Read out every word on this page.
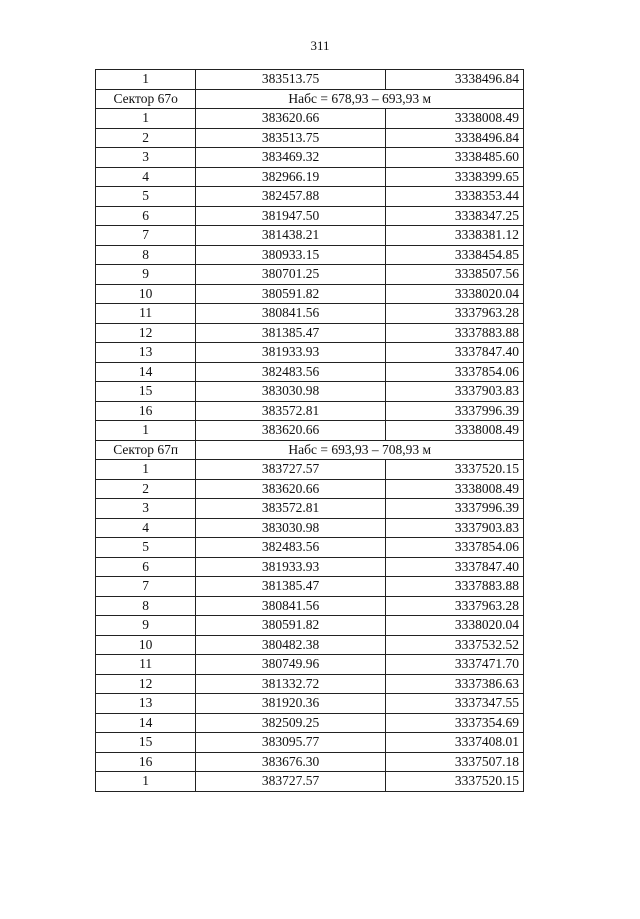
311
1	383513.75	3338496.84
Сектор 67о	Набс = 678,93 – 693,93 м	
1	383620.66	3338008.49
2	383513.75	3338496.84
3	383469.32	3338485.60
4	382966.19	3338399.65
5	382457.88	3338353.44
6	381947.50	3338347.25
7	381438.21	3338381.12
8	380933.15	3338454.85
9	380701.25	3338507.56
10	380591.82	3338020.04
11	380841.56	3337963.28
12	381385.47	3337883.88
13	381933.93	3337847.40
14	382483.56	3337854.06
15	383030.98	3337903.83
16	383572.81	3337996.39
1	383620.66	3338008.49
Сектор 67п	Набс = 693,93 – 708,93 м	
1	383727.57	3337520.15
2	383620.66	3338008.49
3	383572.81	3337996.39
4	383030.98	3337903.83
5	382483.56	3337854.06
6	381933.93	3337847.40
7	381385.47	3337883.88
8	380841.56	3337963.28
9	380591.82	3338020.04
10	380482.38	3337532.52
11	380749.96	3337471.70
12	381332.72	3337386.63
13	381920.36	3337347.55
14	382509.25	3337354.69
15	383095.77	3337408.01
16	383676.30	3337507.18
1	383727.57	3337520.15
